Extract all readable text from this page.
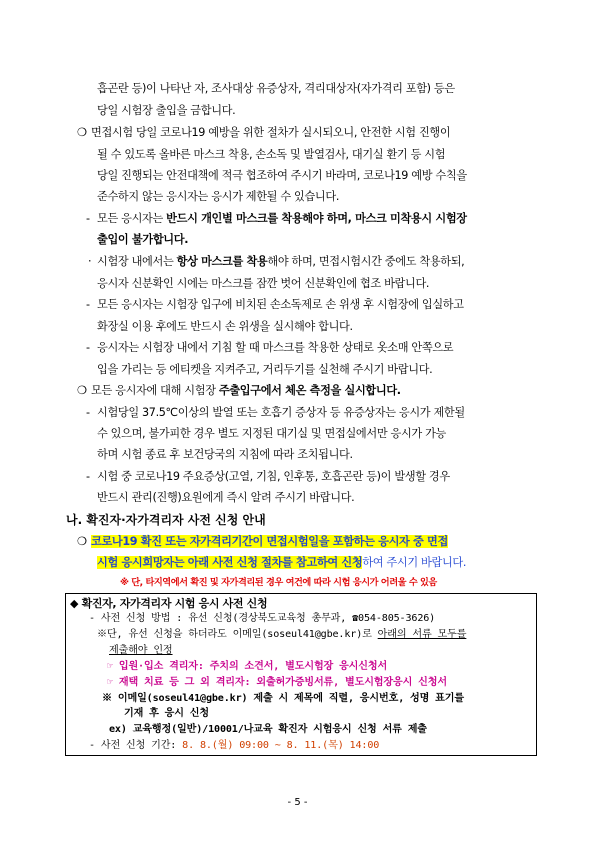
흡곤란 등)이 나타난 자, 조사대상 유증상자, 격리대상자(자가격리 포함) 등은
당일 시험장 출입을 금합니다.
❍ 면접시험 당일 코로나19 예방을 위한 절차가 실시되오니, 안전한 시험 진행이
될 수 있도록 올바른 마스크 착용, 손소독 및 발열검사, 대기실 환기 등 시험
당일 진행되는 안전대책에 적극 협조하여 주시기 바라며, 코로나19 예방 수칙을
준수하지 않는 응시자는 응시가 제한될 수 있습니다.
- 모든 응시자는 반드시 개인별 마스크를 착용해야 하며, 마스크 미착용시 시험장
출입이 불가합니다.
· 시험장 내에서는 항상 마스크를 착용해야 하며, 면접시험시간 중에도 착용하되,
응시자 신분확인 시에는 마스크를 잠깐 벗어 신분확인에 협조 바랍니다.
- 모든 응시자는 시험장 입구에 비치된 손소독제로 손 위생 후 시험장에 입실하고
화장실 이용 후에도 반드시 손 위생을 실시해야 합니다.
- 응시자는 시험장 내에서 기침 할 때 마스크를 착용한 상태로 옷소매 안쪽으로
입을 가리는 등 에티켓을 지켜주고, 거리두기를 실천해 주시기 바랍니다.
❍ 모든 응시자에 대해 시험장 주출입구에서 체온 측정을 실시합니다.
- 시험당일 37.5℃이상의 발열 또는 호흡기 증상자 등 유증상자는 응시가 제한될
수 있으며, 불가피한 경우 별도 지정된 대기실 및 면접실에서만 응시가 가능
하며 시험 종료 후 보건당국의 지침에 따라 조치됩니다.
- 시험 중 코로나19 주요증상(고열, 기침, 인후통, 호흡곤란 등)이 발생할 경우
반드시 관리(진행)요원에게 즉시 알려 주시기 바랍니다.
나. 확진자·자가격리자 사전 신청 안내
❍ 코로나19 확진 또는 자가격리기간이 면접시험일을 포함하는 응시자 중 면접
시험 응시희망자는 아래 사전 신청 절차를 참고하여 신청하여 주시기 바랍니다.
※ 단, 타지역에서 확진 및 자가격리된 경우 여건에 따라 시험 응시가 어려울 수 있음
◆ 확진자, 자가격리자 시험 응시 사전 신청
- 사전 신청 방법 : 유선 신청(경상북도교육청 총무과, ☎054-805-3626)
※단, 유선 신청을 하더라도 이메일(soseul41@gbe.kr)로 아래의 서류 모두를
제출해야 인정
☞ 입원·입소 격리자: 주치의 소견서, 별도시험장 응시신청서
☞ 재택 치료 등 그 외 격리자: 외출허가증빙서류, 별도시험장응시 신청서
※ 이메일(soseul41@gbe.kr) 제출 시 제목에 직렬, 응시번호, 성명 표기를
기재 후 응시 신청
ex) 교육행정(일반)/10001/나교육 확진자 시험응시 신청 서류 제출
- 사전 신청 기간: 8. 8.(월) 09:00 ~ 8. 11.(목) 14:00
- 5 -
